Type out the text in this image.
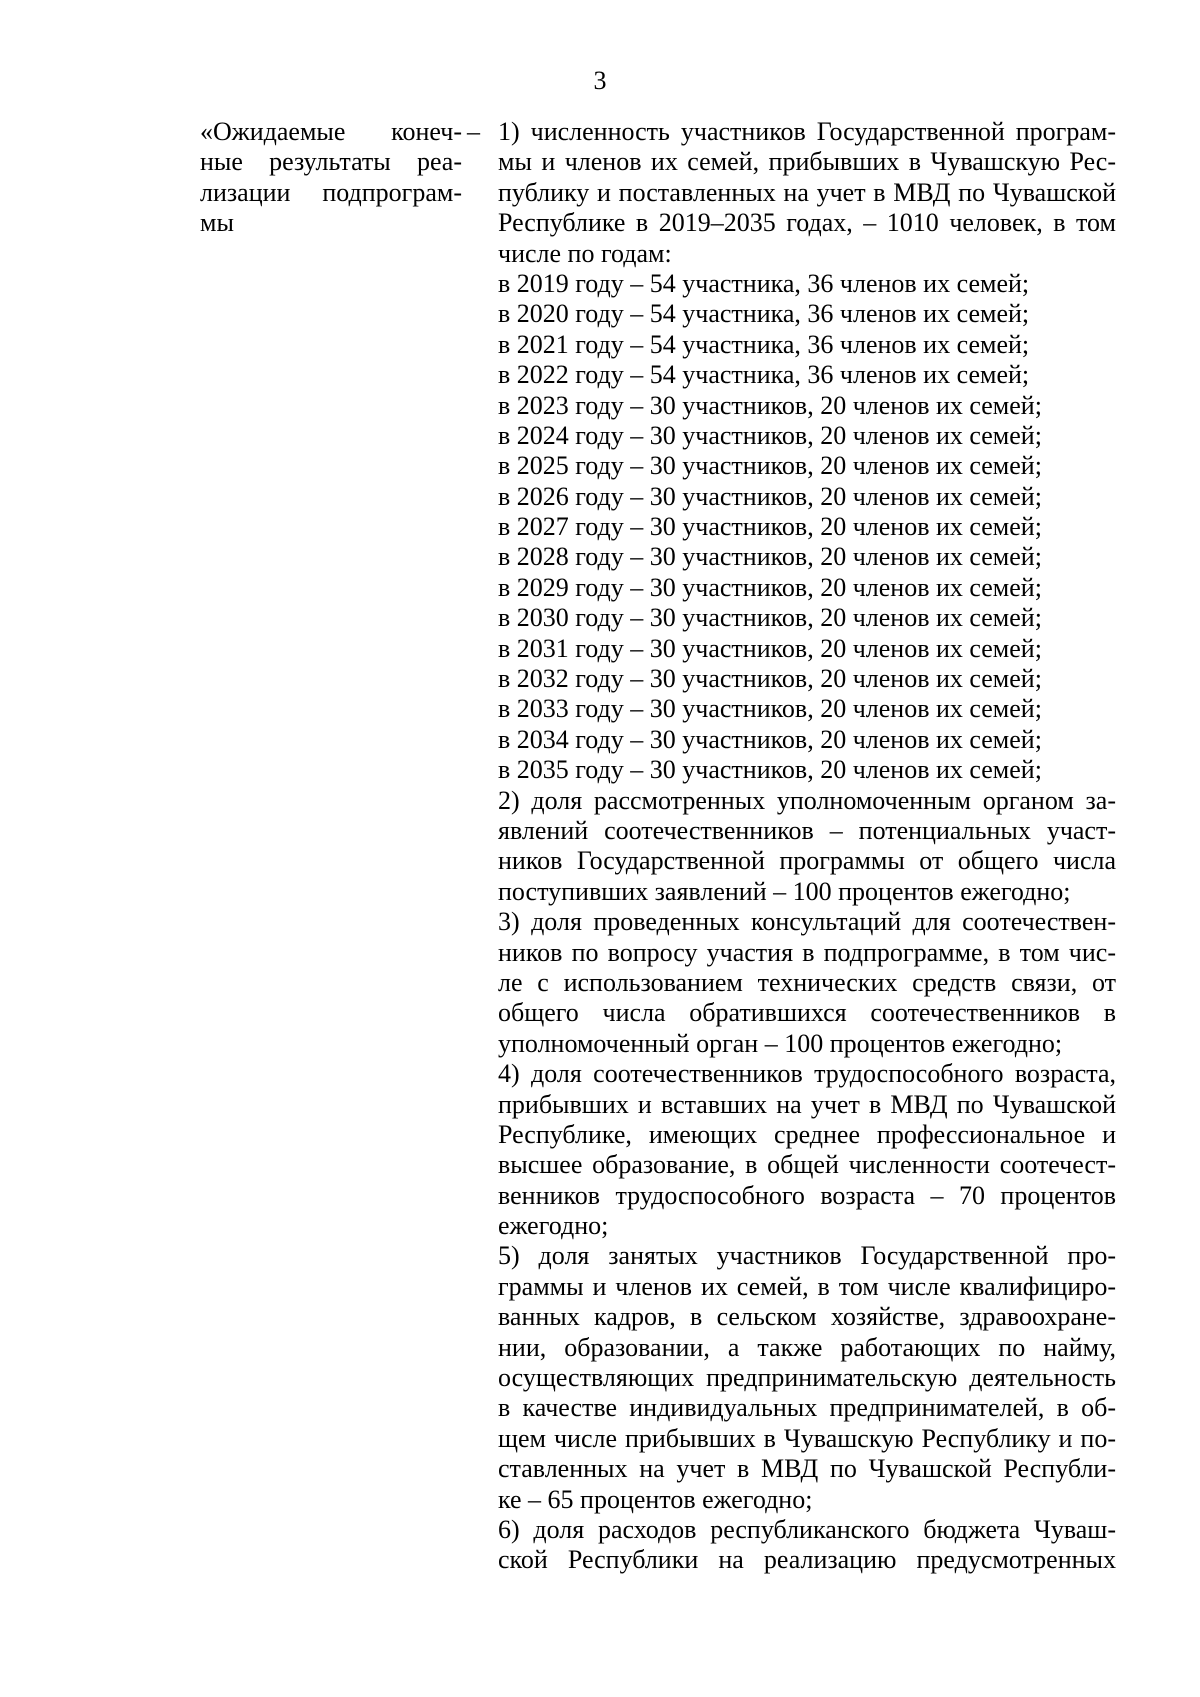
3
«Ожидаемые конеч-
ные результаты реа-
лизации подпрограм-
мы
– 1) численность участников Государственной програм-
мы и членов их семей, прибывших в Чувашскую Рес-
публику и поставленных на учет в МВД по Чувашской
Республике в 2019–2035 годах, – 1010 человек, в том
числе по годам:
в 2019 году – 54 участника, 36 членов их семей;
в 2020 году – 54 участника, 36 членов их семей;
в 2021 году – 54 участника, 36 членов их семей;
в 2022 году – 54 участника, 36 членов их семей;
в 2023 году – 30 участников, 20 членов их семей;
в 2024 году – 30 участников, 20 членов их семей;
в 2025 году – 30 участников, 20 членов их семей;
в 2026 году – 30 участников, 20 членов их семей;
в 2027 году – 30 участников, 20 членов их семей;
в 2028 году – 30 участников, 20 членов их семей;
в 2029 году – 30 участников, 20 членов их семей;
в 2030 году – 30 участников, 20 членов их семей;
в 2031 году – 30 участников, 20 членов их семей;
в 2032 году – 30 участников, 20 членов их семей;
в 2033 году – 30 участников, 20 членов их семей;
в 2034 году – 30 участников, 20 членов их семей;
в 2035 году – 30 участников, 20 членов их семей;
2) доля рассмотренных уполномоченным органом за-
явлений соотечественников – потенциальных участ-
ников Государственной программы от общего числа
поступивших заявлений – 100 процентов ежегодно;
3) доля проведенных консультаций для соотечествен-
ников по вопросу участия в подпрограмме, в том чис-
ле с использованием технических средств связи, от
общего числа обратившихся соотечественников в
уполномоченный орган – 100 процентов ежегодно;
4) доля соотечественников трудоспособного возраста,
прибывших и вставших на учет в МВД по Чувашской
Республике, имеющих среднее профессиональное и
высшее образование, в общей численности соотечест-
венников трудоспособного возраста – 70 процентов
ежегодно;
5) доля занятых участников Государственной про-
граммы и членов их семей, в том числе квалифициро-
ванных кадров, в сельском хозяйстве, здравоохране-
нии, образовании, а также работающих по найму,
осуществляющих предпринимательскую деятельность
в качестве индивидуальных предпринимателей, в об-
щем числе прибывших в Чувашскую Республику и по-
ставленных на учет в МВД по Чувашской Республи-
ке – 65 процентов ежегодно;
6) доля расходов республиканского бюджета Чуваш-
ской Республики на реализацию предусмотренных
